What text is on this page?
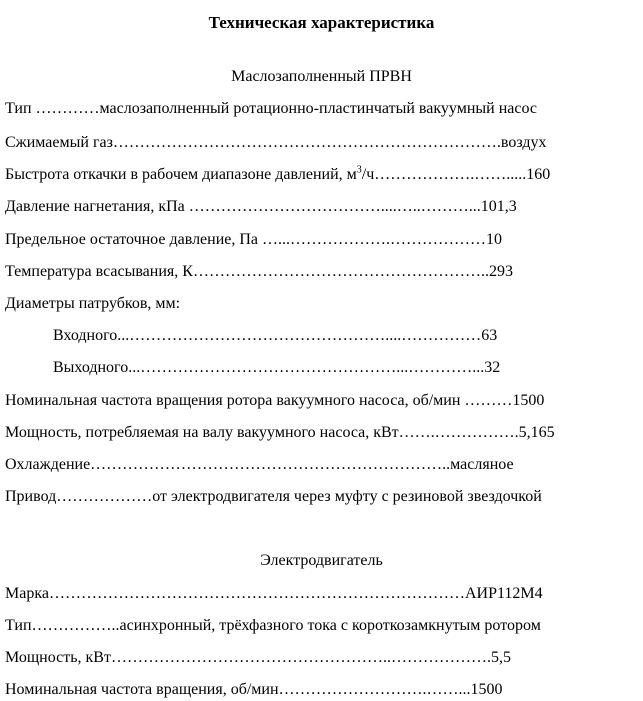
Техническая характеристика
Маслозаполненный ПРВН
Тип …………маслозаполненный ротационно-пластинчатый вакуумный насос
Сжимаемый газ……………………………………………………………….воздух
Быстрота откачки в рабочем диапазоне давлений, $м^3/ч\dots\dots\dots\dots\dots\dots.\dots\dots.....160$
Давление нагнетания, кПа ………………………………....…..………...101,3
Предельное остаточное давление, Па …...……………….………………10
Температура всасывания, К………………………………………………..293
Диаметры патрубков, мм:
Входного...…………………………………………....……………63
Выходного...…………………………………………...…………...32
Номинальная частота вращения ротора вакуумного насоса, об/мин ………1500
Мощность, потребляемая на валу вакуумного насоса, кВт…….…………….5,165
Охлаждение…………………………………………………………..масляное
Привод………………от электродвигателя через муфту с резиновой звездочкой
Электродвигатель
Марка……………………………………………………………………АИР112М4
Тип……………..асинхронный, трёхфазного тока с короткозамкнутым ротором
Мощность, кВт……………………………………………..……………….5,5
Номинальная частота вращения, об/мин……………………….……...1500
